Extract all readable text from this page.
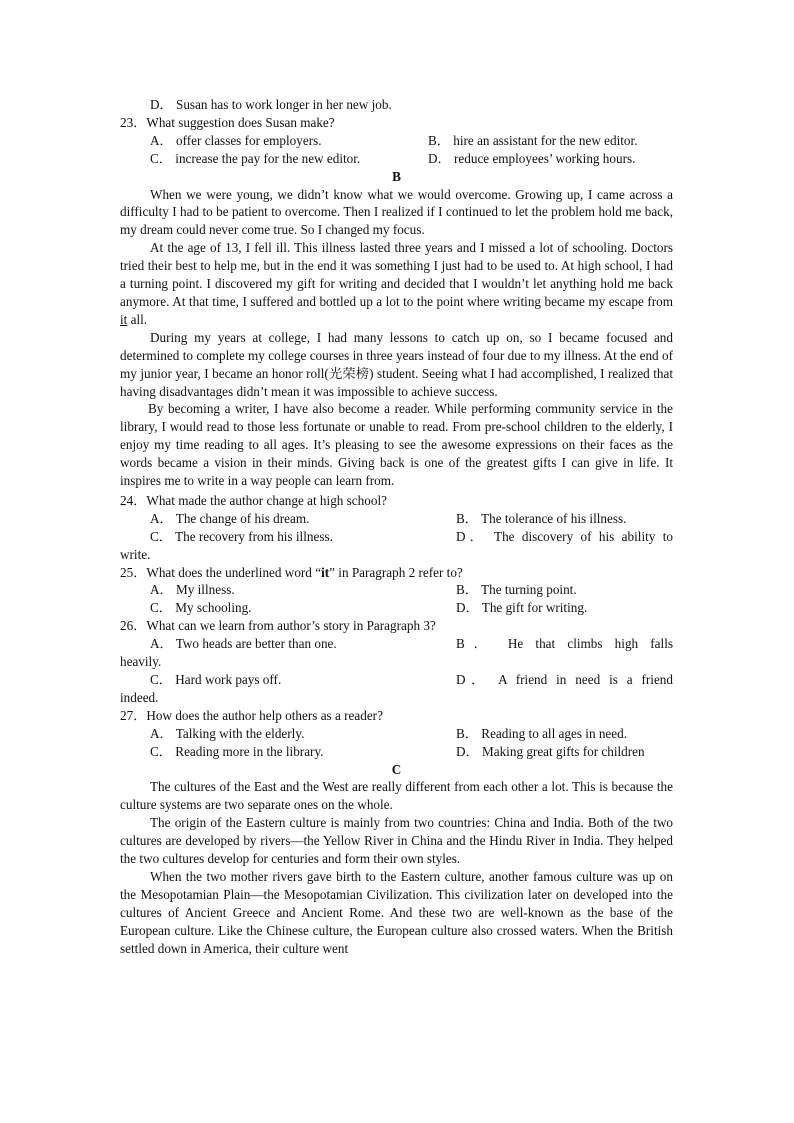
D． Susan has to work longer in her new job.
23．What suggestion does Susan make?
A． offer classes for employers.	B． hire an assistant for the new editor.
C． increase the pay for the new editor.	D． reduce employees’ working hours.
B

When we were young, we didn’t know what we would overcome. Growing up, I came across a difficulty I had to be patient to overcome. Then I realized if I continued to let the problem hold me back, my dream could never come true. So I changed my focus.

At the age of 13, I fell ill. This illness lasted three years and I missed a lot of schooling. Doctors tried their best to help me, but in the end it was something I just had to be used to. At high school, I had a turning point. I discovered my gift for writing and decided that I wouldn’t let anything hold me back anymore. At that time, I suffered and bottled up a lot to the point where writing became my escape from it all.

During my years at college, I had many lessons to catch up on, so I became focused and determined to complete my college courses in three years instead of four due to my illness. At the end of my junior year, I became an honor roll(光荣榜) student. Seeing what I had accomplished, I realized that having disadvantages didn’t mean it was impossible to achieve success.

By becoming a writer, I have also become a reader. While performing community service in the library, I would read to those less fortunate or unable to read. From pre-school children to the elderly, I enjoy my time reading to all ages. It’s pleasing to see the awesome expressions on their faces as the words became a vision in their minds. Giving back is one of the greatest gifts I can give in life. It inspires me to write in a way people can learn from.

24．What made the author change at high school?
A． The change of his dream.	B． The tolerance of his illness.
C． The recovery from his illness.	D． The discovery of his ability to
write.
25．What does the underlined word “it” in Paragraph 2 refer to?
A． My illness.	B． The turning point.
C． My schooling.	D． The gift for writing.
26．What can we learn from author’s story in Paragraph 3?
A． Two heads are better than one.	B． He that climbs high falls
heavily.
C． Hard work pays off.	D． A friend in need is a friend
indeed.
27．How does the author help others as a reader?
A． Talking with the elderly.	B． Reading to all ages in need.
C． Reading more in the library.	D． Making great gifts for children
C

The cultures of the East and the West are really different from each other a lot. This is because the culture systems are two separate ones on the whole.

The origin of the Eastern culture is mainly from two countries: China and India. Both of the two cultures are developed by rivers—the Yellow River in China and the Hindu River in India. They helped the two cultures develop for centuries and form their own styles.

When the two mother rivers gave birth to the Eastern culture, another famous culture was up on the Mesopotamian Plain—the Mesopotamian Civilization. This civilization later on developed into the cultures of Ancient Greece and Ancient Rome. And these two are well-known as the base of the European culture. Like the Chinese culture, the European culture also crossed waters. When the British settled down in America, their culture went
